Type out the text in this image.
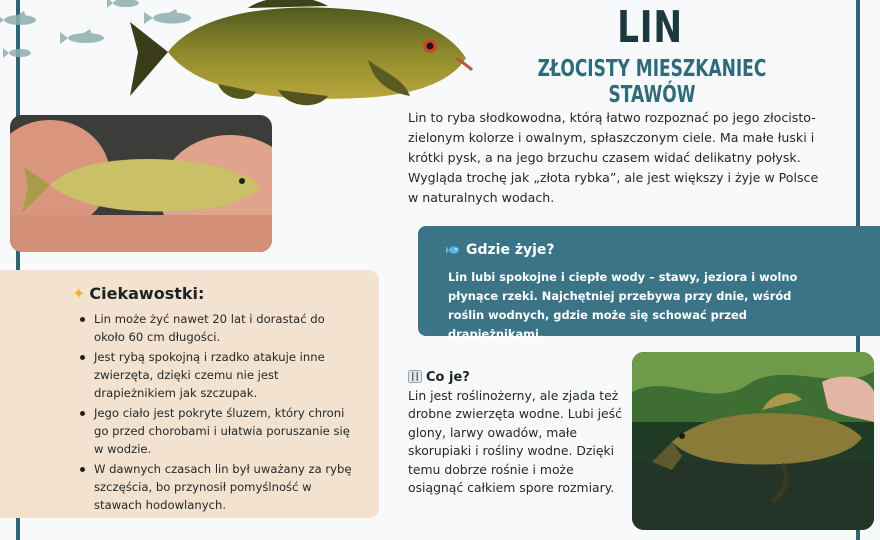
LIN
ZŁOCISTY MIESZKANIEC STAWÓW

Lin to ryba słodkowodna, którą łatwo rozpoznać po jego złocisto-zielonym kolorze i owalnym, spłaszczonym ciele. Ma małe łuski i krótki pysk, a na jego brzuchu czasem widać delikatny połysk. Wygląda trochę jak „złota rybka”, ale jest większy i żyje w Polsce w naturalnych wodach.

✦ Ciekawostki:
Lin może żyć nawet 20 lat i dorastać do około 60 cm długości.
Jest rybą spokojną i rzadko atakuje inne zwierzęta, dzięki czemu nie jest drapieżnikiem jak szczupak.
Jego ciało jest pokryte śluzem, który chroni go przed chorobami i ułatwia poruszanie się w wodzie.
W dawnych czasach lin był uważany za rybę szczęścia, bo przynosił pomyślność w stawach hodowlanych.
Gdzie żyje?

Lin lubi spokojne i ciepłe wody – stawy, jeziora i wolno płynące rzeki. Najchętniej przebywa przy dnie, wśród roślin wodnych, gdzie może się schować przed drapieżnikami.

Co je?

Lin jest roślinożerny, ale zjada też drobne zwierzęta wodne. Lubi jeść glony, larwy owadów, małe skorupiaki i rośliny wodne. Dzięki temu dobrze rośnie i może osiągnąć całkiem spore rozmiary.
